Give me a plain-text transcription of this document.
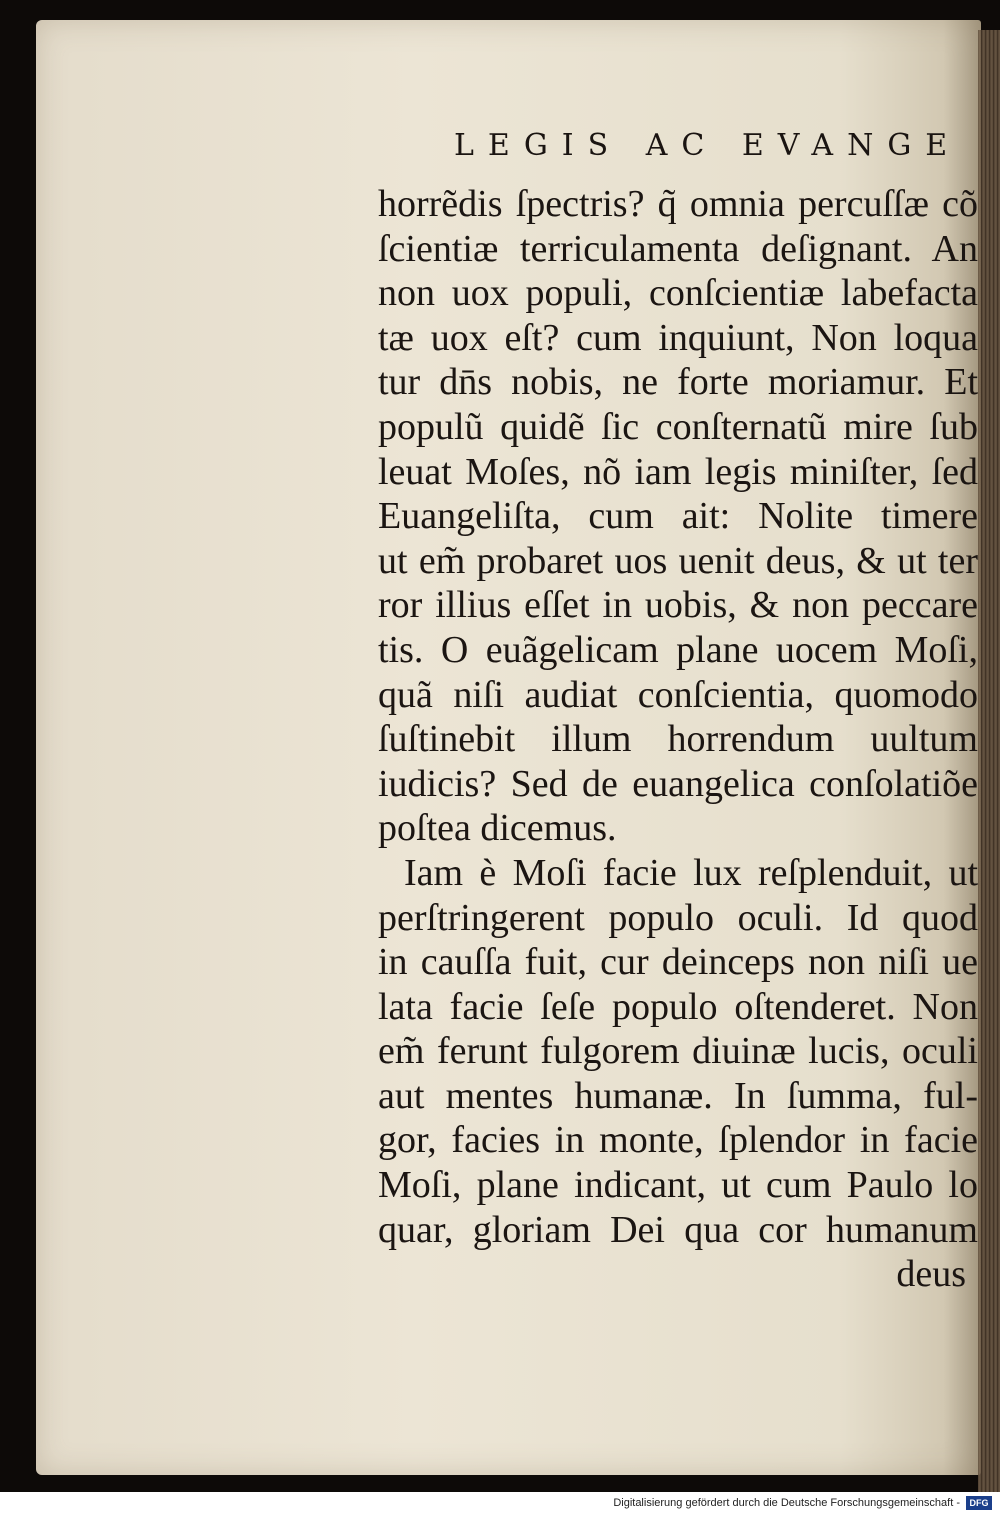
LEGIS AC EVANGE
horrẽdis ſpectris? q̃ omnia percuſſæ cõ
ſcientiæ terriculamenta deſignant. An
non uox populi, conſcientiæ labefacta
tæ uox eſt? cum inquiunt, Non loqua
tur dn̄s nobis, ne forte moriamur. Et
populũ quidẽ ſic conſternatũ mire ſub
leuat Moſes, nõ iam legis miniſter, ſed
Euangeliſta, cum ait: Nolite timere
ut em̃ probaret uos uenit deus, & ut ter
ror illius eſſet in uobis, & non peccare
tis. O euãgelicam plane uocem Moſi,
quã niſi audiat conſcientia, quomodo
ſuſtinebit illum horrendum uultum
iudicis? Sed de euangelica conſolatiõe
poſtea dicemus.
Iam è Moſi facie lux reſplenduit, ut
perſtringerent populo oculi. Id quod
in cauſſa fuit, cur deinceps non niſi ue
lata facie ſeſe populo oſtenderet. Non
em̃ ferunt fulgorem diuinæ lucis, oculi
aut mentes humanæ. In ſumma, ful-
gor, facies in monte, ſplendor in facie
Moſi, plane indicant, ut cum Paulo lo
quar, gloriam Dei qua cor humanum
deus
Digitalisierung gefördert durch die Deutsche Forschungsgemeinschaft -	DFG
